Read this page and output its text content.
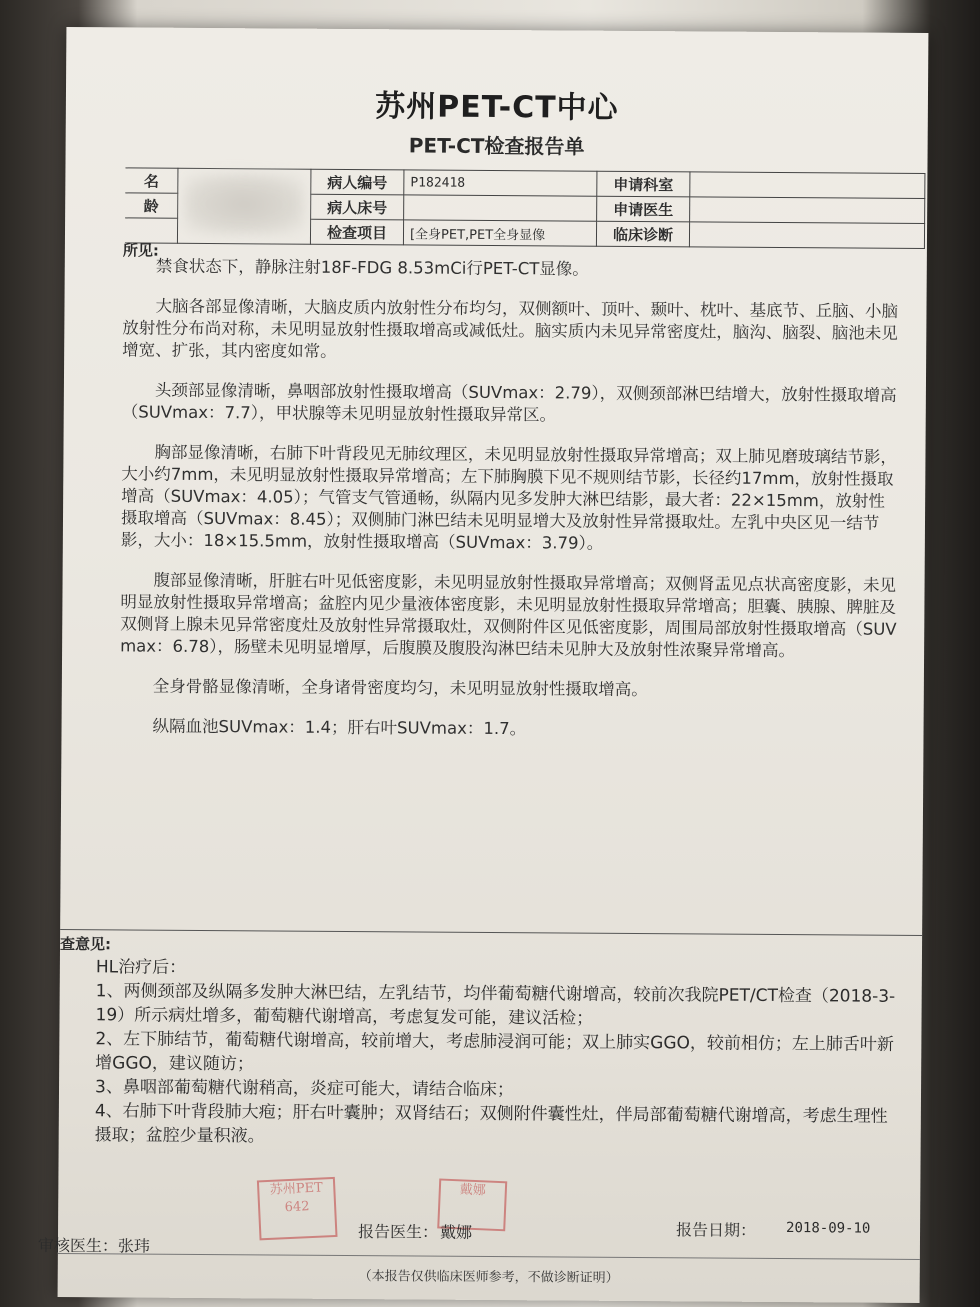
苏州PET-CT中心
PET-CT检查报告单
名		病人编号	P182418	申请科室	
龄		病人床号		申请医生	
		检查项目	[全身PET,PET全身显像	临床诊断	
所见:

禁食状态下，静脉注射18F-FDG 8.53mCi行PET-CT显像。

大脑各部显像清晰，大脑皮质内放射性分布均匀，双侧额叶、顶叶、颞叶、枕叶、基底节、丘脑、小脑放射性分布尚对称，未见明显放射性摄取增高或减低灶。脑实质内未见异常密度灶，脑沟、脑裂、脑池未见增宽、扩张，其内密度如常。

头颈部显像清晰，鼻咽部放射性摄取增高（SUVmax：2.79），双侧颈部淋巴结增大，放射性摄取增高（SUVmax：7.7），甲状腺等未见明显放射性摄取异常区。

胸部显像清晰，右肺下叶背段见无肺纹理区，未见明显放射性摄取异常增高；双上肺见磨玻璃结节影，大小约7mm，未见明显放射性摄取异常增高；左下肺胸膜下见不规则结节影，长径约17mm，放射性摄取增高（SUVmax：4.05）；气管支气管通畅，纵隔内见多发肿大淋巴结影，最大者：22×15mm，放射性摄取增高（SUVmax：8.45）；双侧肺门淋巴结未见明显增大及放射性异常摄取灶。左乳中央区见一结节影，大小：18×15.5mm，放射性摄取增高（SUVmax：3.79）。

腹部显像清晰，肝脏右叶见低密度影，未见明显放射性摄取异常增高；双侧肾盂见点状高密度影，未见明显放射性摄取异常增高；盆腔内见少量液体密度影，未见明显放射性摄取异常增高；胆囊、胰腺、脾脏及双侧肾上腺未见异常密度灶及放射性异常摄取灶，双侧附件区见低密度影，周围局部放射性摄取增高（SUVmax：6.78），肠壁未见明显增厚，后腹膜及腹股沟淋巴结未见肿大及放射性浓聚异常增高。

全身骨骼显像清晰，全身诸骨密度均匀，未见明显放射性摄取增高。

纵隔血池SUVmax：1.4；肝右叶SUVmax：1.7。

查意见:
HL治疗后：
1、两侧颈部及纵隔多发肿大淋巴结，左乳结节，均伴葡萄糖代谢增高，较前次我院PET/CT检查（2018-3-19）所示病灶增多，葡萄糖代谢增高，考虑复发可能，建议活检；
2、左下肺结节，葡萄糖代谢增高，较前增大，考虑肺浸润可能；双上肺实GGO，较前相仿；左上肺舌叶新增GGO，建议随访；
3、鼻咽部葡萄糖代谢稍高，炎症可能大，请结合临床；
4、右肺下叶背段肺大疱；肝右叶囊肿；双肾结石；双侧附件囊性灶，伴局部葡萄糖代谢增高，考虑生理性摄取；盆腔少量积液。
苏州PET 642
戴娜
报告医生： 戴娜	报告日期： 2018-09-10
审核医生：张玮
（本报告仅供临床医师参考，不做诊断证明）
